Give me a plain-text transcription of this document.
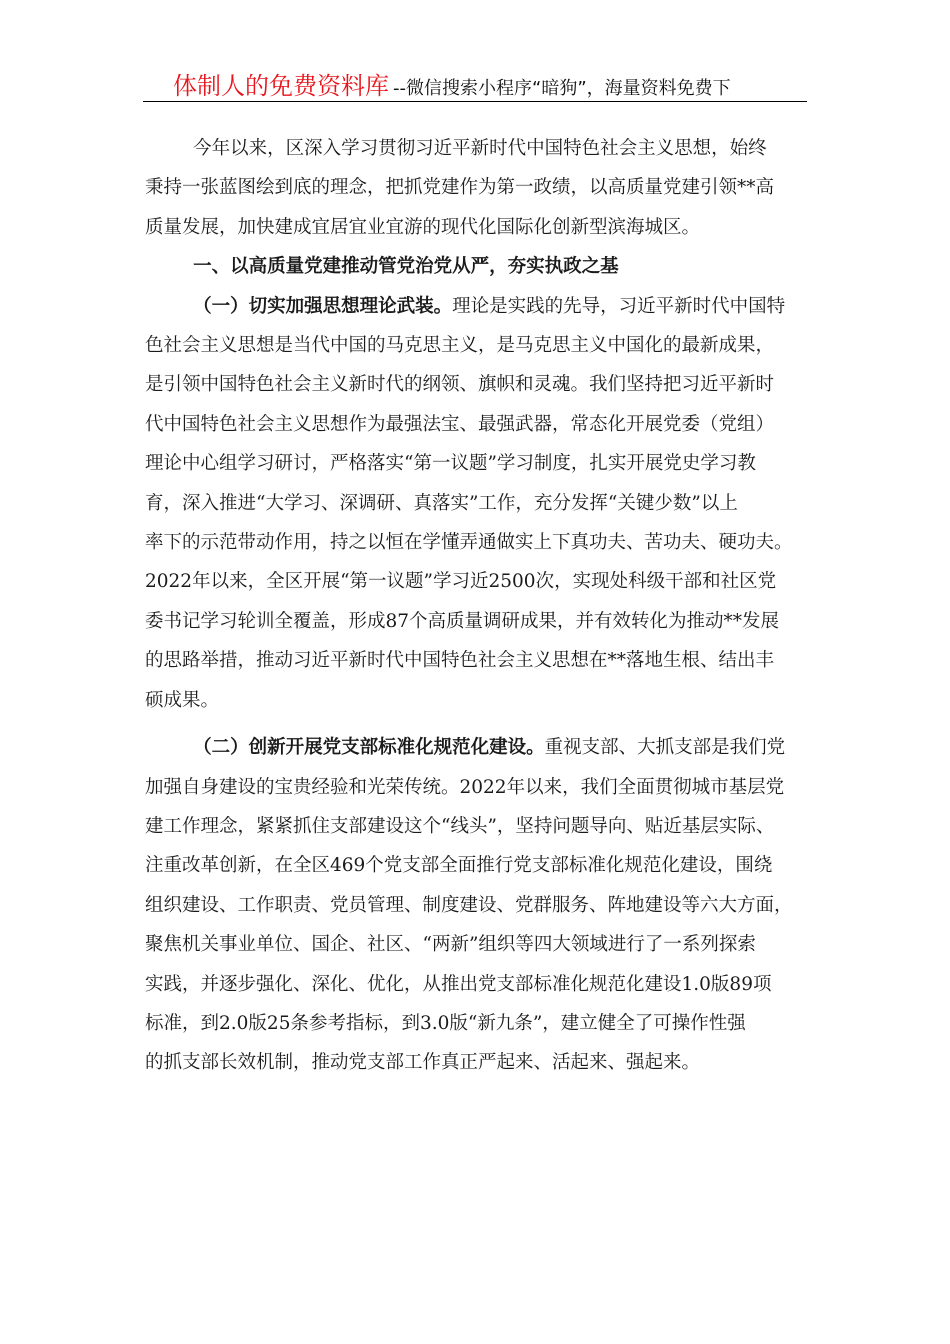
体制人的免费资料库 --微信搜索小程序“暗狗”，海量资料免费下
今年以来，区深入学习贯彻习近平新时代中国特色社会主义思想，始终
秉持一张蓝图绘到底的理念，把抓党建作为第一政绩，以高质量党建引领**高
质量发展，加快建成宜居宜业宜游的现代化国际化创新型滨海城区。
一、以高质量党建推动管党治党从严，夯实执政之基
（一）切实加强思想理论武装。理论是实践的先导，习近平新时代中国特
色社会主义思想是当代中国的马克思主义，是马克思主义中国化的最新成果，
是引领中国特色社会主义新时代的纲领、旗帜和灵魂。我们坚持把习近平新时
代中国特色社会主义思想作为最强法宝、最强武器，常态化开展党委（党组）
理论中心组学习研讨，严格落实“第一议题”学习制度，扎实开展党史学习教
育，深入推进“大学习、深调研、真落实”工作，充分发挥“关键少数”以上
率下的示范带动作用，持之以恒在学懂弄通做实上下真功夫、苦功夫、硬功夫。
2022年以来，全区开展“第一议题”学习近2500次，实现处科级干部和社区党
委书记学习轮训全覆盖，形成87个高质量调研成果，并有效转化为推动**发展
的思路举措，推动习近平新时代中国特色社会主义思想在**落地生根、结出丰
硕成果。
（二）创新开展党支部标准化规范化建设。重视支部、大抓支部是我们党
加强自身建设的宝贵经验和光荣传统。2022年以来，我们全面贯彻城市基层党
建工作理念，紧紧抓住支部建设这个“线头”，坚持问题导向、贴近基层实际、
注重改革创新，在全区469个党支部全面推行党支部标准化规范化建设，围绕
组织建设、工作职责、党员管理、制度建设、党群服务、阵地建设等六大方面，
聚焦机关事业单位、国企、社区、“两新”组织等四大领域进行了一系列探索
实践，并逐步强化、深化、优化，从推出党支部标准化规范化建设1.0版89项
标准，到2.0版25条参考指标，到3.0版“新九条”，建立健全了可操作性强
的抓支部长效机制，推动党支部工作真正严起来、活起来、强起来。
